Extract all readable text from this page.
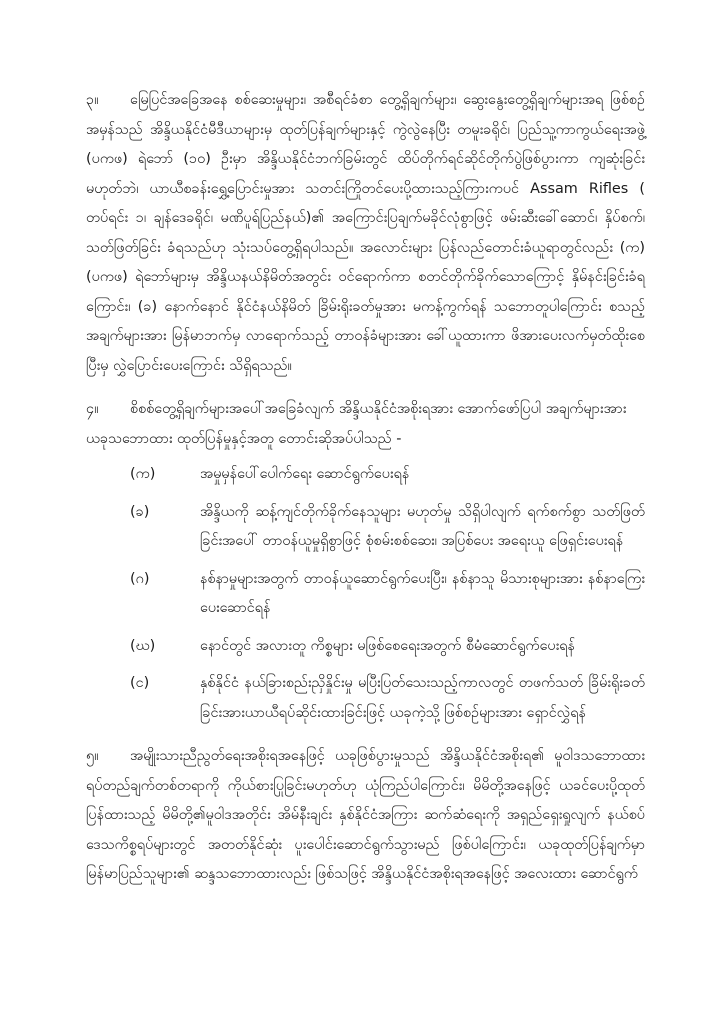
၃။ မြေပြင်အခြေအနေ စစ်ဆေးမှုများ၊ အစီရင်ခံစာ တွေ့ရှိချက်များ၊ ဆွေးနွေးတွေ့ရှိချက်များအရ ဖြစ်စဉ်အမှန်သည် အိန္ဒိယနိုင်ငံမီဒီယာများမှ ထုတ်ပြန်ချက်များနှင့် ကွဲလွဲနေပြီး တမူးခရိုင်၊ ပြည်သူ့ကာကွယ်ရေးအဖွဲ့ (ပကဖ) ရဲဘော် (၁၀) ဦးမှာ အိန္ဒိယနိုင်ငံဘက်ခြမ်းတွင် ထိပ်တိုက်ရင်ဆိုင်တိုက်ပွဲဖြစ်ပွားကာ ကျဆုံးခြင်းမဟုတ်ဘဲ၊ ယာယီစခန်းရွှေ့ပြောင်းမှုအား သတင်းကြိုတင်ပေးပို့ထားသည့်ကြားကပင် Assam Rifles ( တပ်ရင်း ၁၊ ချန်ဒေခရိုင်၊ မဏိပူရ်ပြည်နယ်)၏ အကြောင်းပြချက်မခိုင်လုံစွာဖြင့် ဖမ်းဆီးခေါ်ဆောင်၊ နှိပ်စက်၊ သတ်ဖြတ်ခြင်း ခံရသည်ဟု သုံးသပ်တွေ့ရှိရပါသည်။ အလောင်းများ ပြန်လည်တောင်းခံယူရာတွင်လည်း (က) (ပကဖ) ရဲဘော်များမှ အိန္ဒိယနယ်နိမိတ်အတွင်း ဝင်ရောက်ကာ စတင်တိုက်ခိုက်သောကြောင့် နှိမ်နင်းခြင်းခံရကြောင်း၊ (ခ) နောက်နောင် နိုင်ငံနယ်နိမိတ် ခြိမ်းရိုးခတ်မှုအား မကန့်ကွက်ရန် သဘောတူပါကြောင်း စသည့် အချက်များအား မြန်မာဘက်မှ လာရောက်သည့် တာဝန်ခံများအား ခေါ်ယူထားကာ ဖိအားပေးလက်မှတ်ထိုးစေပြီးမှ လွှဲပြောင်းပေးကြောင်း သိရှိရသည်။

၄။ စိစစ်တွေ့ရှိချက်များအပေါ်အခြေခံလျက် အိန္ဒိယနိုင်ငံအစိုးရအား အောက်ဖော်ပြပါ အချက်များအား ယခုသဘောထား ထုတ်ပြန်မှုနှင့်အတူ တောင်းဆိုအပ်ပါသည် -

(က)	အမှုမှန်ပေါ်ပေါက်ရေး ဆောင်ရွက်ပေးရန်
(ခ)	အိန္ဒိယကို ဆန့်ကျင်တိုက်ခိုက်နေသူများ မဟုတ်မှု သိရှိပါလျက် ရက်စက်စွာ သတ်ဖြတ်ခြင်းအပေါ် တာဝန်ယူမှုရှိစွာဖြင့် စုံစမ်းစစ်ဆေး၊ အပြစ်ပေး အရေးယူ ဖြေရှင်းပေးရန်
(ဂ)	နစ်နာမှုများအတွက် တာဝန်ယူဆောင်ရွက်ပေးပြီး၊ နစ်နာသူ မိသားစုများအား နစ်နာကြေးပေးဆောင်ရန်
(ဃ)	နောင်တွင် အလားတူ ကိစ္စများ မဖြစ်စေရေးအတွက် စီမံဆောင်ရွက်ပေးရန်
(င)	နှစ်နိုင်ငံ နယ်ခြားစည်းညှိနှိုင်းမှု မပြီးပြတ်သေးသည့်ကာလတွင် တဖက်သတ် ခြိမ်းရိုးခတ်ခြင်းအားယာယီရပ်ဆိုင်းထားခြင်းဖြင့် ယခုကဲ့သို့ ဖြစ်စဉ်များအား ရှောင်လွှဲရန်

၅။ အမျိုးသားညီညွတ်ရေးအစိုးရအနေဖြင့် ယခုဖြစ်ပွားမှုသည် အိန္ဒိယနိုင်ငံအစိုးရ၏ မူဝါဒသဘောထားရပ်တည်ချက်တစ်တရာကို ကိုယ်စားပြုခြင်းမဟုတ်ဟု ယုံကြည်ပါကြောင်း၊ မိမိတို့အနေဖြင့် ယခင်ပေးပို့ထုတ်ပြန်ထားသည့် မိမိတို့၏မူဝါဒအတိုင်း အိမ်နီးချင်း နှစ်နိုင်ငံအကြား ဆက်ဆံရေးကို အရှည်ရှေးရှုလျက် နယ်စပ်ဒေသကိစ္စရပ်များတွင် အတတ်နိုင်ဆုံး ပူးပေါင်းဆောင်ရွက်သွားမည် ဖြစ်ပါကြောင်း၊ ယခုထုတ်ပြန်ချက်မှာ မြန်မာပြည်သူများ၏ ဆန္ဒသဘောထားလည်း ဖြစ်သဖြင့် အိန္ဒိယနိုင်ငံအစိုးရအနေဖြင့် အလေးထား ဆောင်ရွက်
